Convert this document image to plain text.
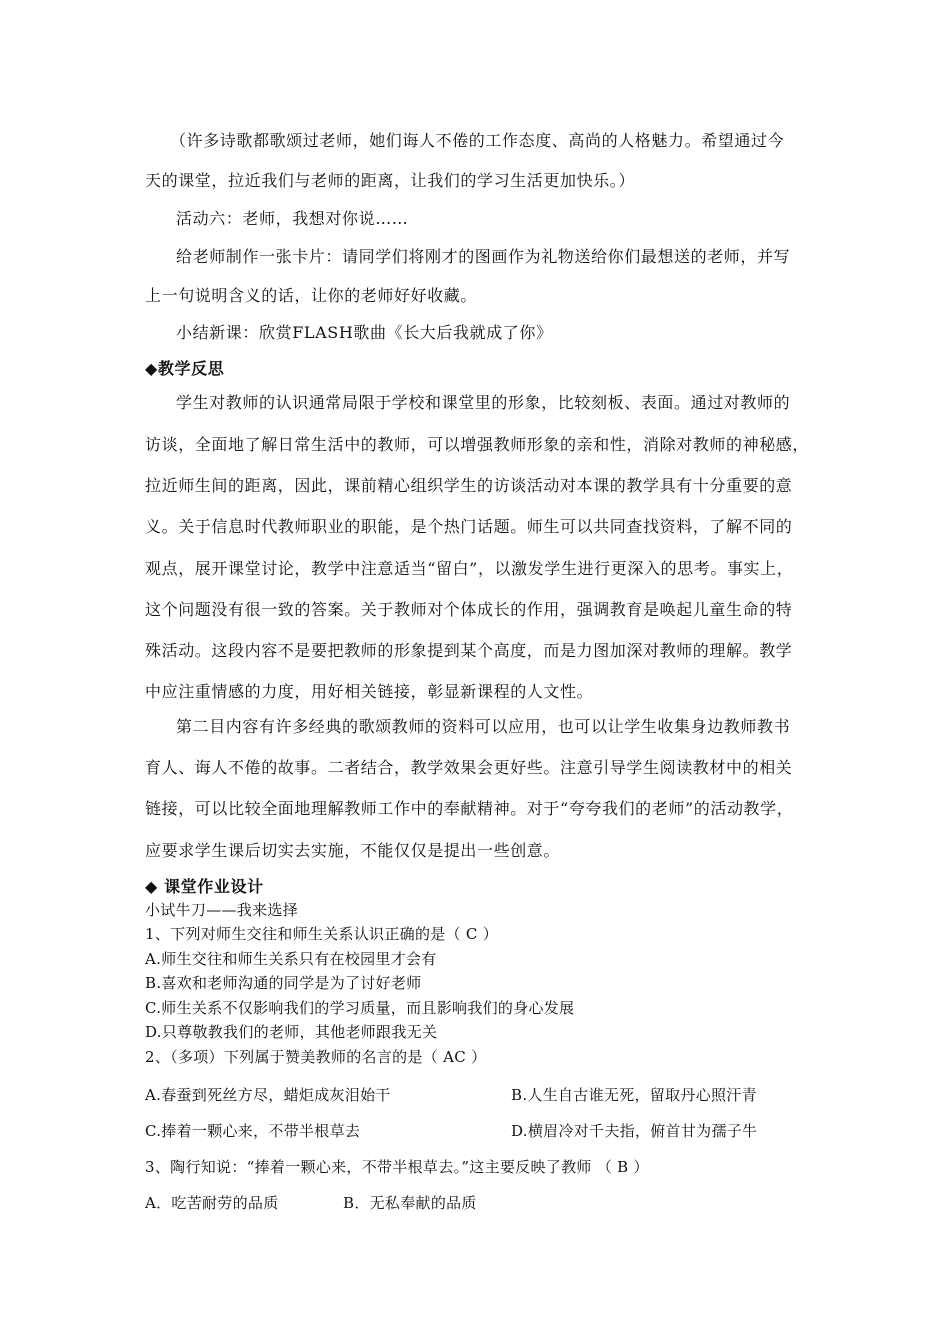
（许多诗歌都歌颂过老师，她们诲人不倦的工作态度、高尚的人格魅力。希望通过今
天的课堂，拉近我们与老师的距离，让我们的学习生活更加快乐。）
活动六：老师，我想对你说……
给老师制作一张卡片：请同学们将刚才的图画作为礼物送给你们最想送的老师，并写
上一句说明含义的话，让你的老师好好收藏。
小结新课：欣赏FLASH歌曲《长大后我就成了你》
◆教学反思
学生对教师的认识通常局限于学校和课堂里的形象，比较刻板、表面。通过对教师的
访谈，全面地了解日常生活中的教师，可以增强教师形象的亲和性，消除对教师的神秘感，
拉近师生间的距离，因此，课前精心组织学生的访谈活动对本课的教学具有十分重要的意
义。关于信息时代教师职业的职能，是个热门话题。师生可以共同查找资料，了解不同的
观点，展开课堂讨论，教学中注意适当“留白”，以激发学生进行更深入的思考。事实上，
这个问题没有很一致的答案。关于教师对个体成长的作用，强调教育是唤起儿童生命的特
殊活动。这段内容不是要把教师的形象提到某个高度，而是力图加深对教师的理解。教学
中应注重情感的力度，用好相关链接，彰显新课程的人文性。
第二目内容有许多经典的歌颂教师的资料可以应用，也可以让学生收集身边教师教书
育人、诲人不倦的故事。二者结合，教学效果会更好些。注意引导学生阅读教材中的相关
链接，可以比较全面地理解教师工作中的奉献精神。对于“夸夸我们的老师”的活动教学，
应要求学生课后切实去实施，不能仅仅是提出一些创意。
◆ 课堂作业设计
小试牛刀——我来选择
1、下列对师生交往和师生关系认识正确的是（ C ）
A.师生交往和师生关系只有在校园里才会有
B.喜欢和老师沟通的同学是为了讨好老师
C.师生关系不仅影响我们的学习质量，而且影响我们的身心发展
D.只尊敬教我们的老师，其他老师跟我无关
2、（多项）下列属于赞美教师的名言的是（ AC ）
A.春蚕到死丝方尽，蜡炬成灰泪始干	B.人生自古谁无死，留取丹心照汗青
C.捧着一颗心来，不带半根草去	D.横眉冷对千夫指，俯首甘为孺子牛
3、陶行知说：“捧着一颗心来，不带半根草去。”这主要反映了教师 （ B ）
A．吃苦耐劳的品质	B．无私奉献的品质
